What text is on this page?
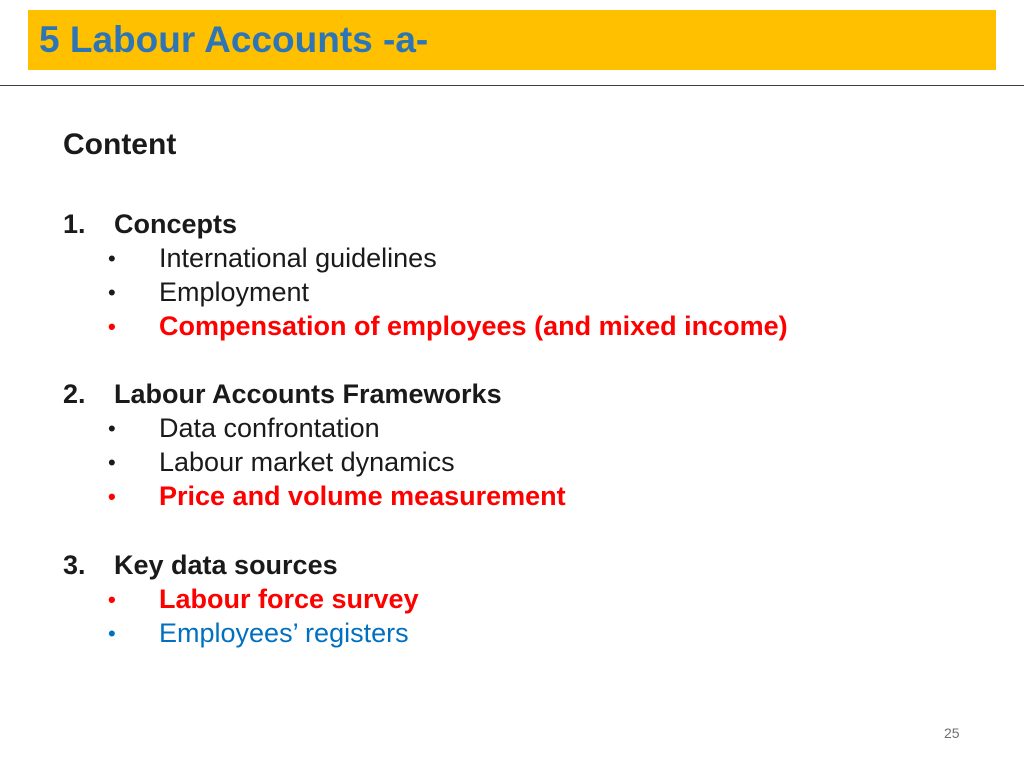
5 Labour Accounts -a-
Content
1. Concepts
• International guidelines
• Employment
• Compensation of employees (and mixed income)
2. Labour Accounts Frameworks
• Data confrontation
• Labour market dynamics
• Price and volume measurement
3. Key data sources
• Labour force survey
• Employees’ registers
25
